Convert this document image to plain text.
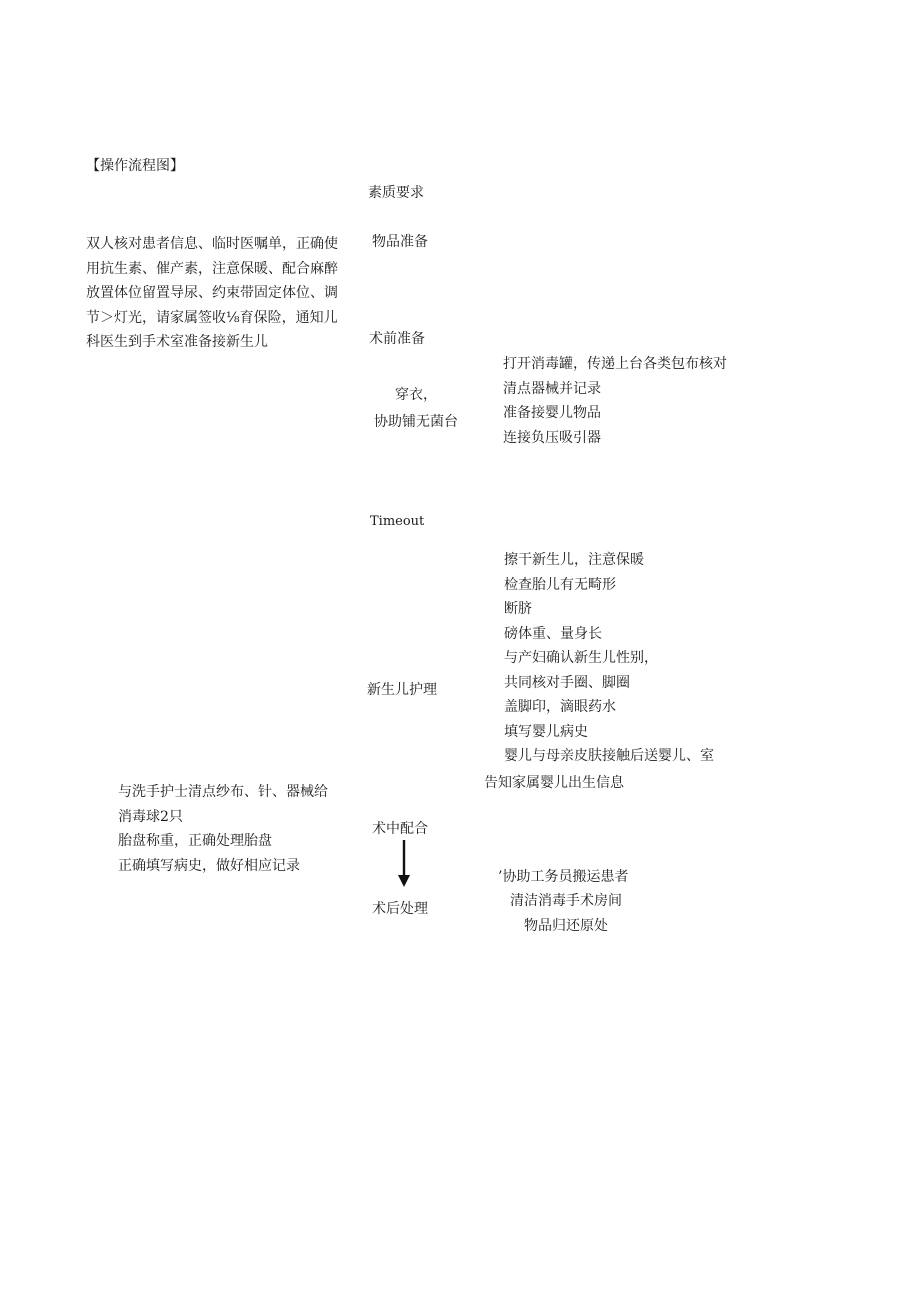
【操作流程图】
素质要求
物品准备
术前准备
穿衣，
协助铺无菌台
Timeout
新生儿护理
术中配合
术后处理
双人核对患者信息、临时医嘱单，正确使
用抗生素、催产素，注意保暖、配合麻醉
放置体位留置导尿、约束带固定体位、调
节＞灯光，请家属签收⅛育保险，通知儿
科医生到手术室准备接新生儿
打开消毒罐，传递上台各类包布核对
清点器械并记录
准备接婴儿物品
连接负压吸引器
擦干新生儿，注意保暖
检查胎儿有无畸形
断脐
磅体重、量身长
与产妇确认新生儿性别，
共同核对手圈、脚圈
盖脚印，滴眼药水
填写婴儿病史
婴儿与母亲皮肤接触后送婴儿、室
告知家属婴儿出生信息
与洗手护士清点纱布、针、器械给
消毒球2只
胎盘称重，正确处理胎盘
正确填写病史，做好相应记录
’协助工务员搬运患者
清洁消毒手术房间
物品归还原处
